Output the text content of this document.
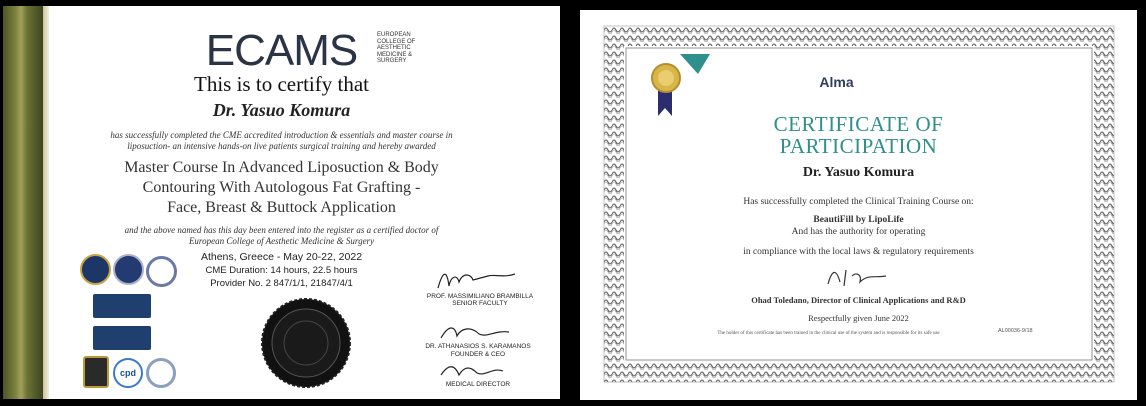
ECAMS	EUROPEAN COLLEGE OF AESTHETIC MEDICINE & SURGERY
This is to certify that
Dr. Yasuo Komura
has successfully completed the CME accredited introduction & essentials and master course in
liposuction- an intensive hands-on live patients surgical training and hereby awarded
Master Course In Advanced Liposuction & Body
Contouring With Autologous Fat Grafting -
Face, Breast & Buttock Application
and the above named has this day been entered into the register as a certified doctor of
European College of Aesthetic Medicine & Surgery
Athens, Greece - May 20-22, 2022
CME Duration: 14 hours, 22.5 hours
Provider No. 2 847/1/1, 21847/4/1
cpd
PROF. MASSIMILIANO BRAMBILLA
SENIOR FACULTY
DR. ATHANASIOS S. KARAMANOS
FOUNDER & CEO
MEDICAL DIRECTOR
Alma
CERTIFICATE OF
PARTICIPATION
Dr. Yasuo Komura
Has successfully completed the Clinical Training Course on:
BeautiFill by LipoLife
And has the authority for operating
in compliance with the local laws & regulatory requirements
Ohad Toledano, Director of Clinical Applications and R&D
Respectfully given June 2022
The holder of this certificate has been trained in the clinical use of the system and is responsible for its safe use	AL00036-9/18
